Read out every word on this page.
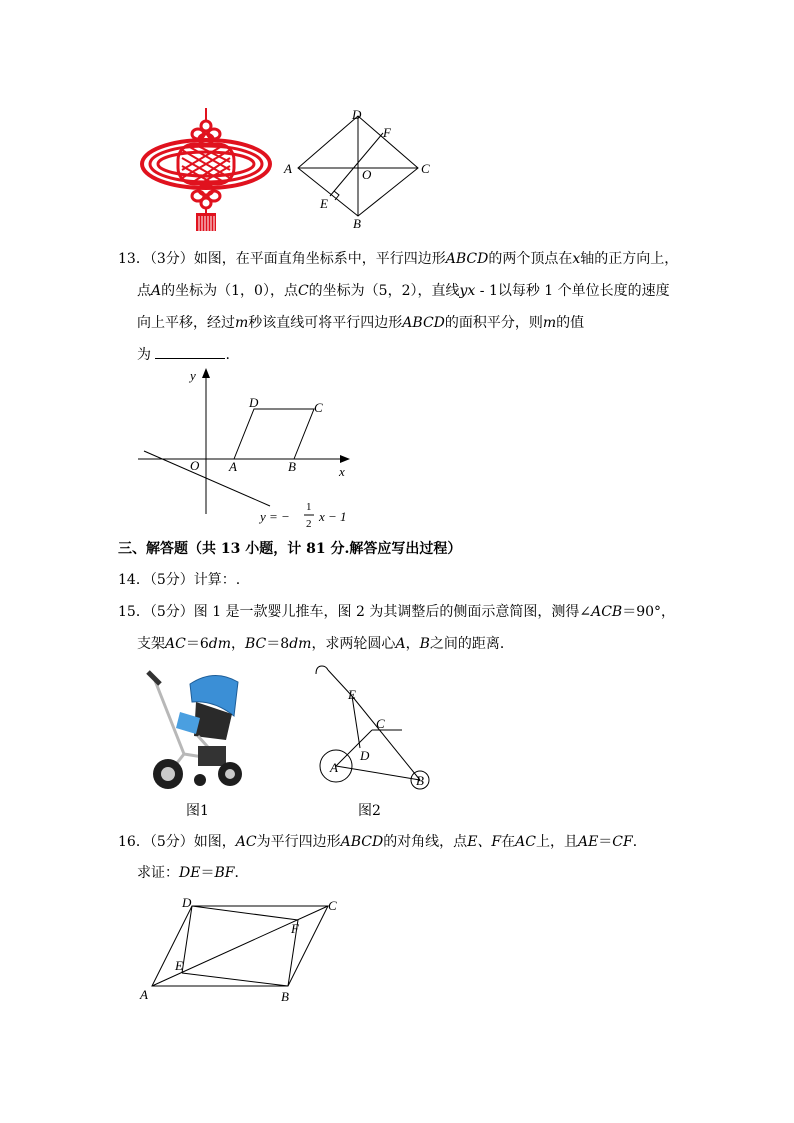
D
F
A	C
O
E
B
13．（3分）如图，在平面直角坐标系中，平行四边形ABCD的两个顶点在x轴的正方向上，
点A的坐标为（1，0），点C的坐标为（5，2），直线yx - 1以每秒 1 个单位长度的速度
向上平移，经过m秒该直线可将平行四边形ABCD的面积平分，则m的值
为	.
y
x
O A	B
C
D
y = −
1
2 x − 1
三、解答题（共 13 小题，计 81 分.解答应写出过程）
14．（5分）计算：.
15．（5分）图 1 是一款婴儿推车，图 2 为其调整后的侧面示意简图，测得∠ACB＝90°，
支架AC＝6dm，BC＝8dm，求两轮圆心A，B之间的距离．
图1
E
C
D
A
B
图2
16．（5分）如图，AC为平行四边形ABCD的对角线，点E、F在AC上，且AE＝CF．
求证：DE＝BF．
D	C
F
E
A	B
